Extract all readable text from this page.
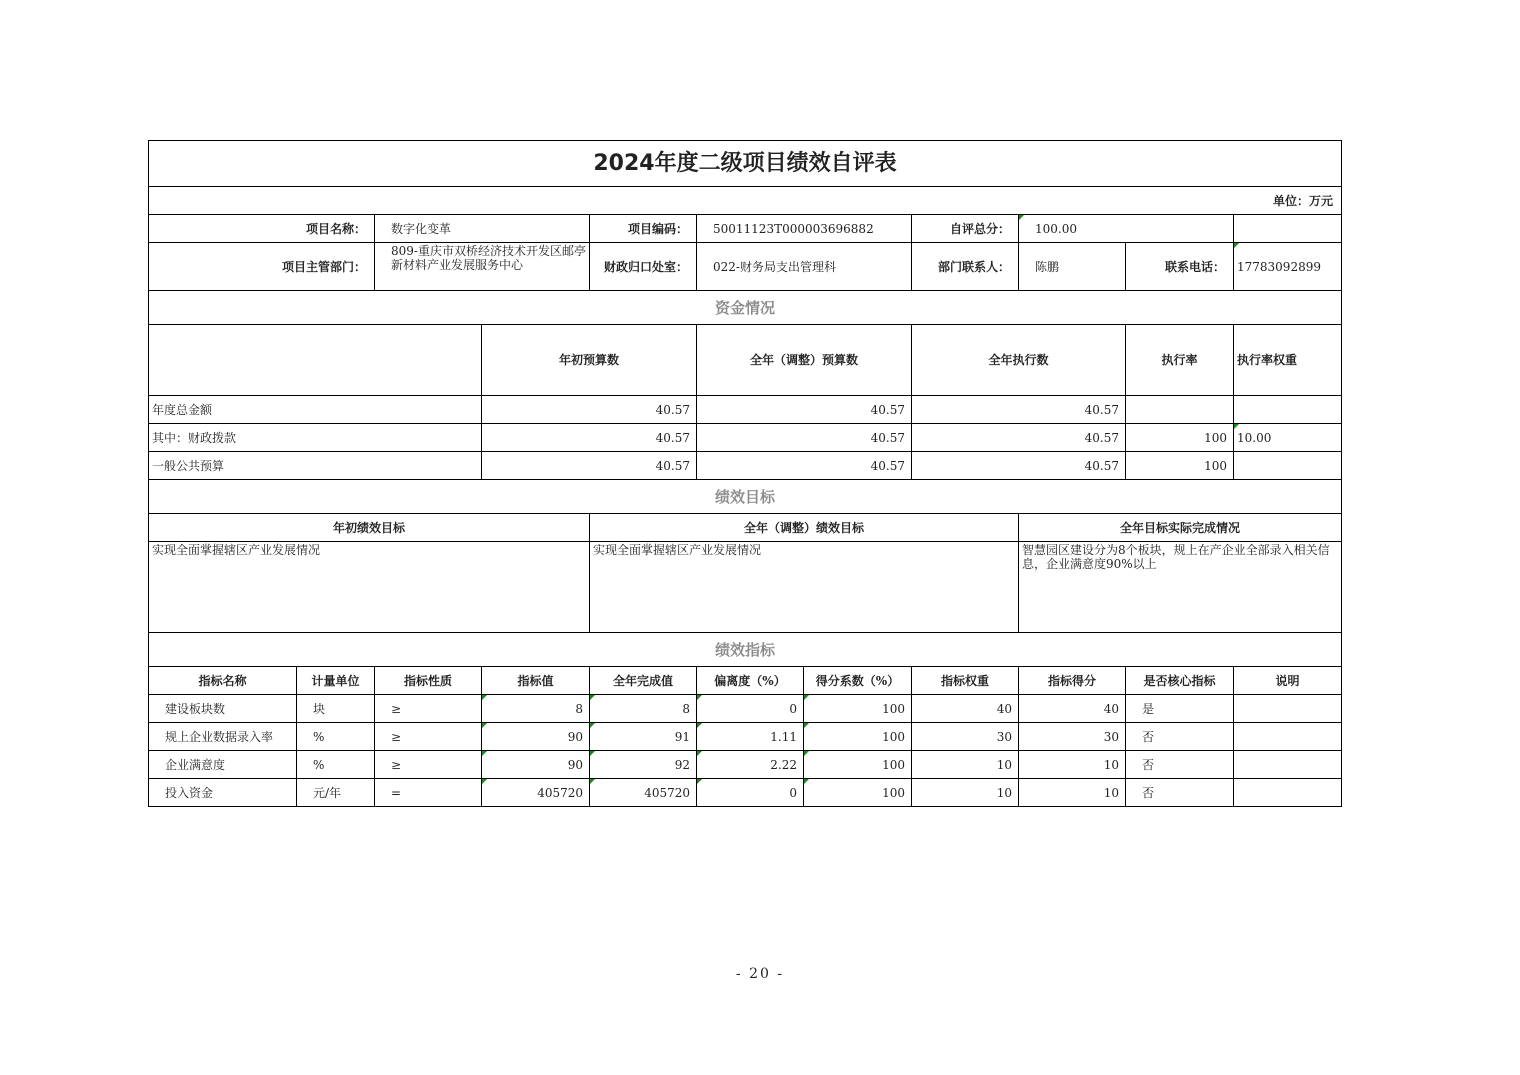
2024年度二级项目绩效自评表											
单位：万元											
项目名称：		数字化变革		项目编码：	50011123T000003696882		自评总分：	100.00			
项目主管部门：		809-重庆市双桥经济技术开发区邮亭新材料产业发展服务中心		财政归口处室：	022-财务局支出管理科		部门联系人：	陈鹏	联系电话：	17783092899	
资金情况											
			年初预算数		全年（调整）预算数		全年执行数		执行率	执行率权重	
年度总金额			40.57		40.57		40.57				
其中：财政拨款			40.57		40.57		40.57		100	10.00	
一般公共预算			40.57		40.57		40.57		100		
绩效目标											
年初绩效目标				全年（调整）绩效目标				全年目标实际完成情况			
实现全面掌握辖区产业发展情况				实现全面掌握辖区产业发展情况				智慧园区建设分为8个板块，规上在产企业全部录入相关信息，企业满意度90%以上			
绩效指标											
指标名称	计量单位	指标性质	指标值	全年完成值	偏离度（%）	得分系数（%）	指标权重	指标得分	是否核心指标	说明	
建设板块数	块	≥	8	8	0	100	40	40	是		
规上企业数据录入率	%	≥	90	91	1.11	100	30	30	否		
企业满意度	%	≥	90	92	2.22	100	10	10	否		
投入资金	元/年	=	405720	405720	0	100	10	10	否		
- 20 -
